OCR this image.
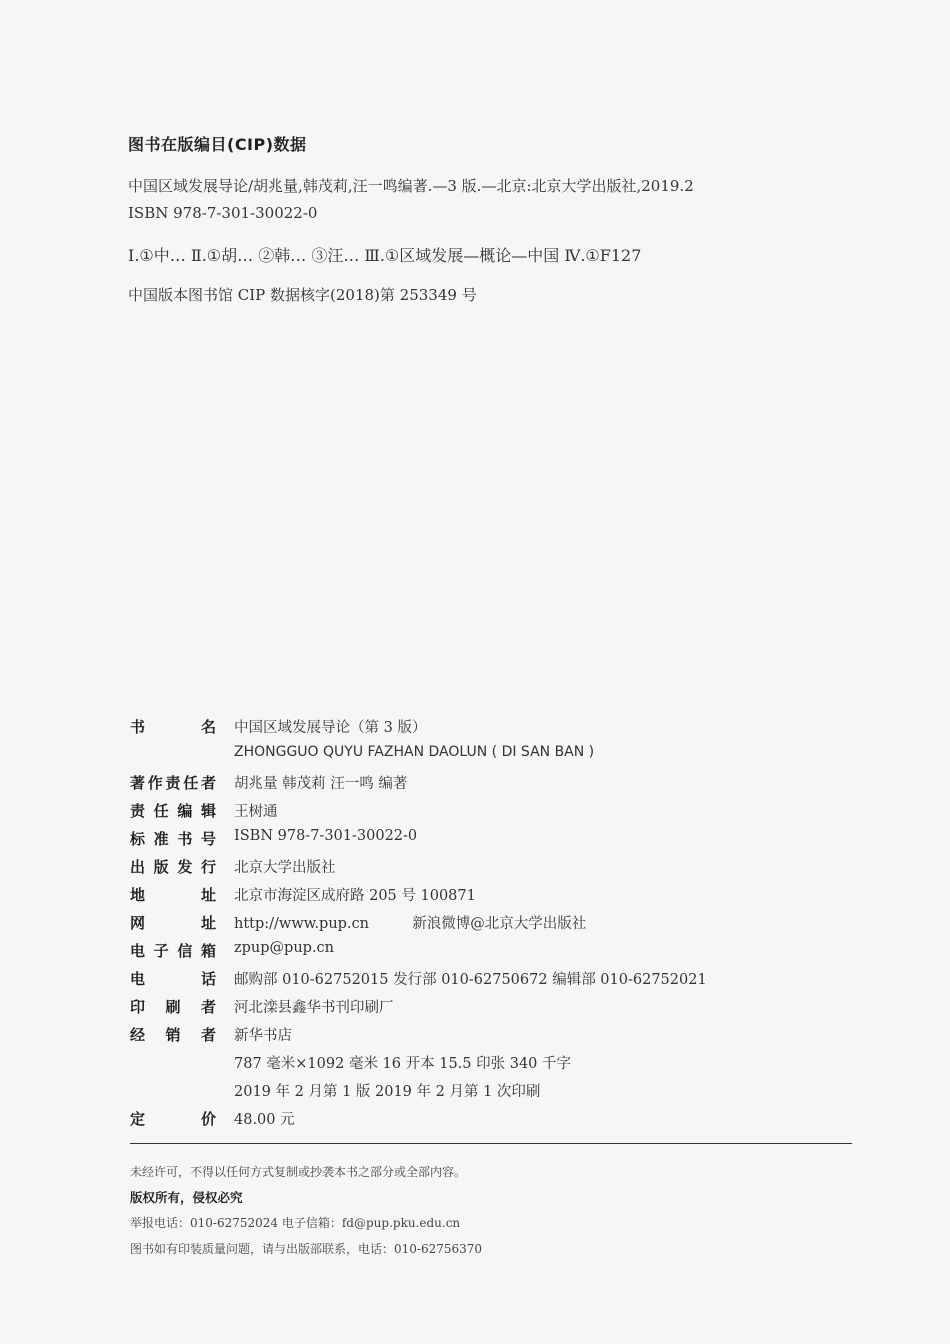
图书在版编目(CIP)数据
中国区域发展导论/胡兆量,韩茂莉,汪一鸣编著.—3 版.—北京:北京大学出版社,2019.2
ISBN 978-7-301-30022-0
Ⅰ.①中… Ⅱ.①胡… ②韩… ③汪… Ⅲ.①区域发展—概论—中国 Ⅳ.①F127
中国版本图书馆 CIP 数据核字(2018)第 253349 号
书	名 中国区域发展导论（第 3 版）
ZHONGGUO QUYU FAZHAN DAOLUN ( DI SAN BAN )
著 作 责 任 者 胡兆量 韩茂莉 汪一鸣 编著
责 任 编 辑 王树通
标 准 书 号 ISBN 978-7-301-30022-0
出 版 发 行 北京大学出版社
地	址 北京市海淀区成府路 205 号 100871
网	址 http://www.pup.cn	新浪微博@北京大学出版社
电 子 信 箱 zpup@pup.cn
电	话 邮购部 010-62752015 发行部 010-62750672 编辑部 010-62752021
印 刷 者 河北滦县鑫华书刊印刷厂
经 销 者 新华书店
787 毫米×1092 毫米 16 开本 15.5 印张 340 千字
2019 年 2 月第 1 版 2019 年 2 月第 1 次印刷
定	价 48.00 元
未经许可，不得以任何方式复制或抄袭本书之部分或全部内容。
版权所有，侵权必究
举报电话：010-62752024 电子信箱：fd@pup.pku.edu.cn
图书如有印装质量问题，请与出版部联系，电话：010-62756370
